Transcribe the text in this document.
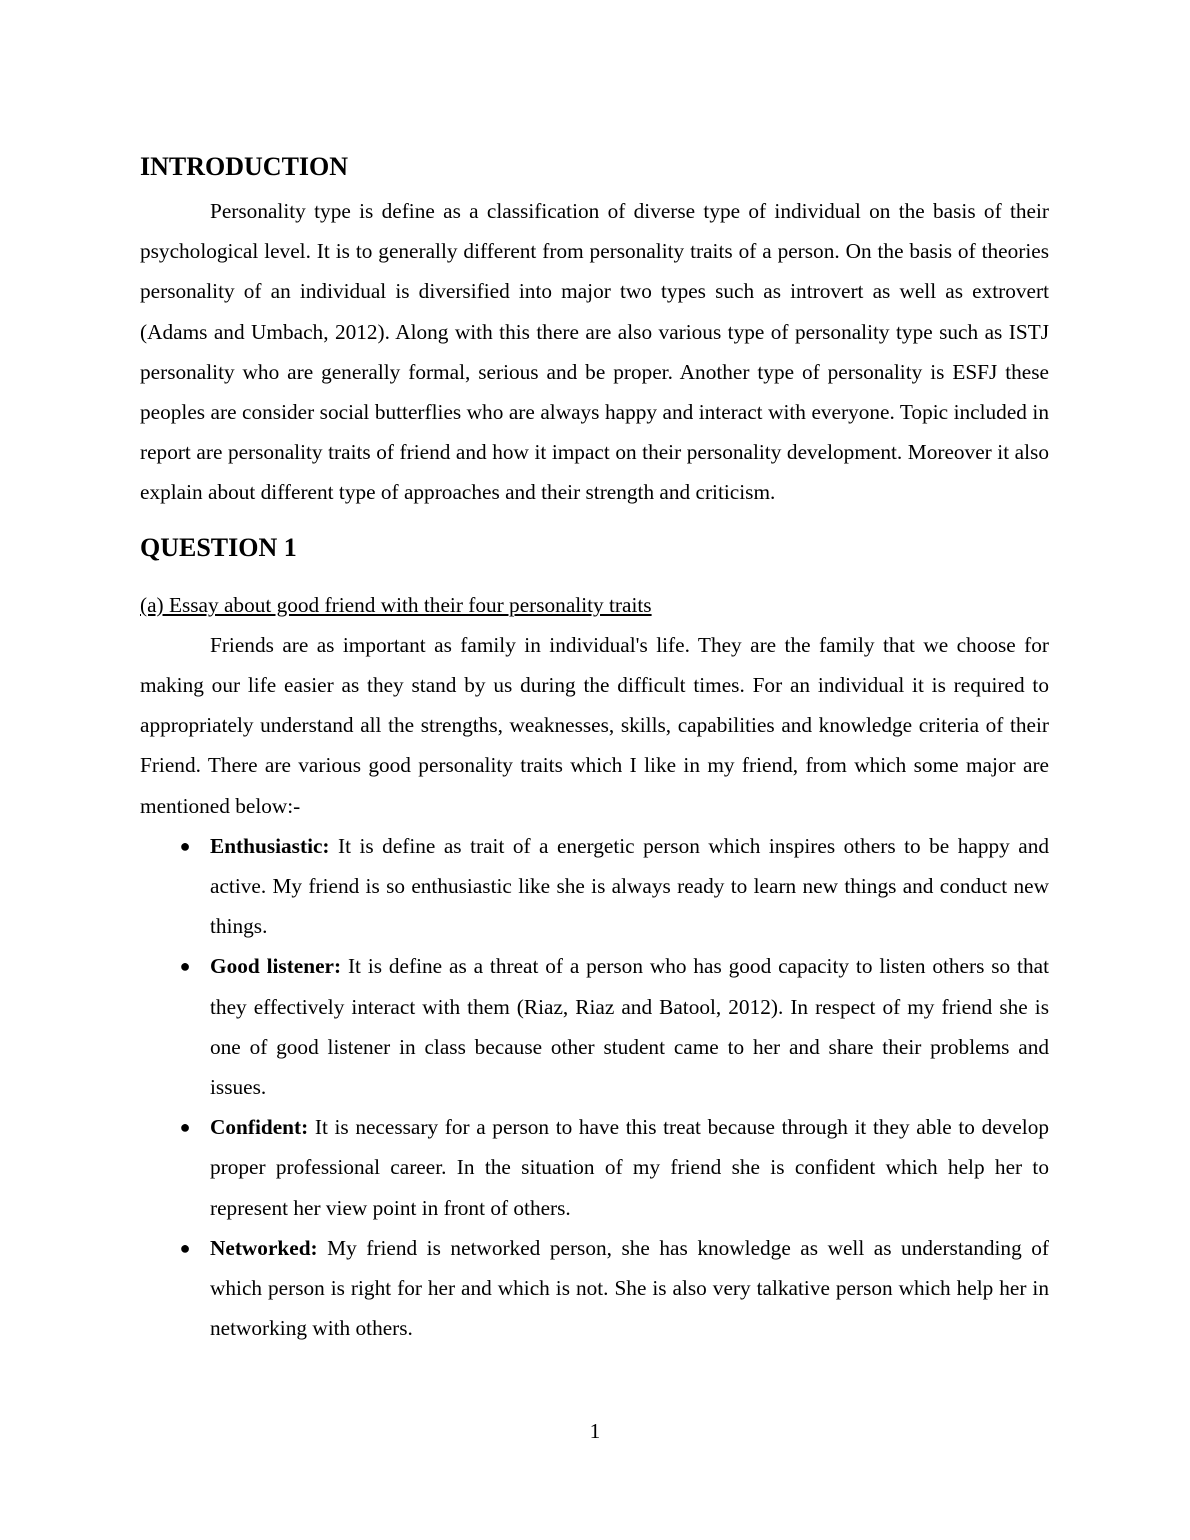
INTRODUCTION

Personality type is define as a classification of diverse type of individual on the basis of their psychological level. It is to generally different from personality traits of a person. On the basis of theories personality of an individual is diversified into major two types such as introvert as well as extrovert (Adams and Umbach, 2012). Along with this there are also various type of personality type such as ISTJ personality who are generally formal, serious and be proper. Another type of personality is ESFJ these peoples are consider social butterflies who are always happy and interact with everyone. Topic included in report are personality traits of friend and how it impact on their personality development. Moreover it also explain about different type of approaches and their strength and criticism.

QUESTION 1

(a) Essay about good friend with their four personality traits

Friends are as important as family in individual's life. They are the family that we choose for making our life easier as they stand by us during the difficult times. For an individual it is required to appropriately understand all the strengths, weaknesses, skills, capabilities and knowledge criteria of their Friend. There are various good personality traits which I like in my friend, from which some major are mentioned below:-

● Enthusiastic: It is define as trait of a energetic person which inspires others to be happy and active. My friend is so enthusiastic like she is always ready to learn new things and conduct new things.
● Good listener: It is define as a threat of a person who has good capacity to listen others so that they effectively interact with them (Riaz, Riaz and Batool, 2012). In respect of my friend she is one of good listener in class because other student came to her and share their problems and issues.
● Confident: It is necessary for a person to have this treat because through it they able to develop proper professional career. In the situation of my friend she is confident which help her to represent her view point in front of others.
● Networked: My friend is networked person, she has knowledge as well as understanding of which person is right for her and which is not. She is also very talkative person which help her in networking with others.
1
